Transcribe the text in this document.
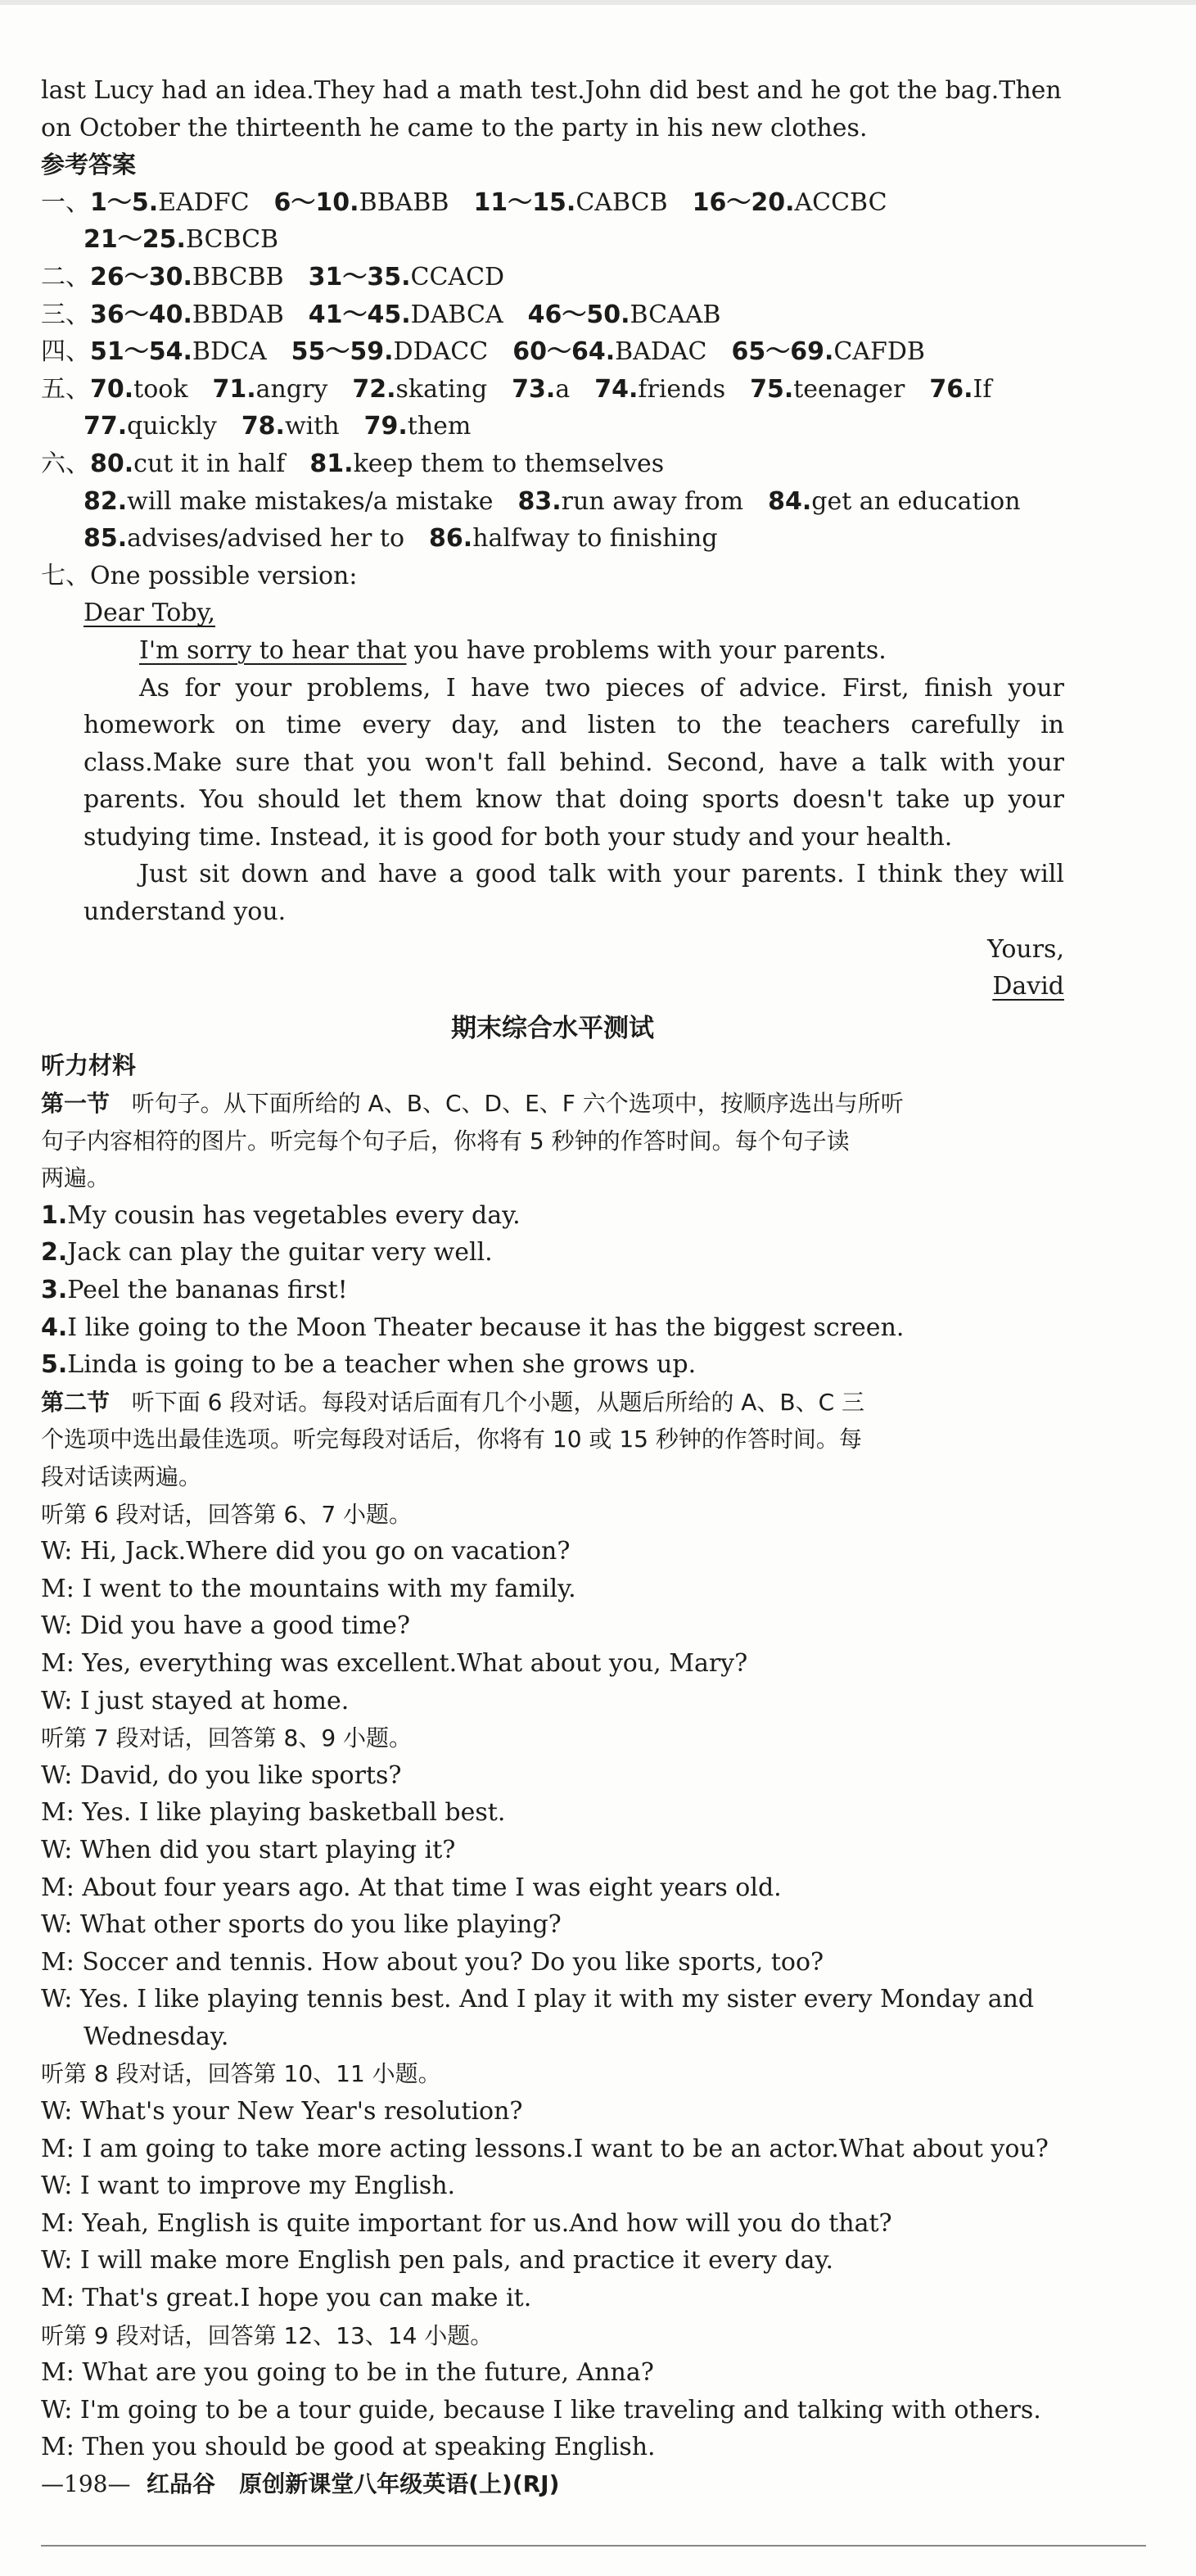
last Lucy had an idea.They had a math test.John did best and he got the bag.Then
on October the thirteenth he came to the party in his new clothes.
参考答案
一、1～5.EADFC 6～10.BBABB 11～15.CABCB 16～20.ACCBC
21～25.BCBCB
二、26～30.BBCBB 31～35.CCACD
三、36～40.BBDAB 41～45.DABCA 46～50.BCAAB
四、51～54.BDCA 55～59.DDACC 60～64.BADAC 65～69.CAFDB
五、70.took 71.angry 72.skating 73.a 74.friends 75.teenager 76.If
77.quickly 78.with 79.them
六、80.cut it in half 81.keep them to themselves
82.will make mistakes/a mistake 83.run away from 84.get an education
85.advises/advised her to 86.halfway to finishing
七、One possible version:
Dear Toby,
I'm sorry to hear that you have problems with your parents.
As for your problems, I have two pieces of advice. First, finish your homework on time every day, and listen to the teachers carefully in class.Make sure that you won't fall behind. Second, have a talk with your parents. You should let them know that doing sports doesn't take up your studying time. Instead, it is good for both your study and your health.
Just sit down and have a good talk with your parents. I think they will understand you.
Yours,
David
期末综合水平测试
听力材料
第一节 听句子。从下面所给的 A、B、C、D、E、F 六个选项中，按顺序选出与所听
句子内容相符的图片。听完每个句子后，你将有 5 秒钟的作答时间。每个句子读
两遍。
1.My cousin has vegetables every day.
2.Jack can play the guitar very well.
3.Peel the bananas first!
4.I like going to the Moon Theater because it has the biggest screen.
5.Linda is going to be a teacher when she grows up.
第二节 听下面 6 段对话。每段对话后面有几个小题，从题后所给的 A、B、C 三
个选项中选出最佳选项。听完每段对话后，你将有 10 或 15 秒钟的作答时间。每
段对话读两遍。
听第 6 段对话，回答第 6、7 小题。
W: Hi, Jack.Where did you go on vacation?
M: I went to the mountains with my family.
W: Did you have a good time?
M: Yes, everything was excellent.What about you, Mary?
W: I just stayed at home.
听第 7 段对话，回答第 8、9 小题。
W: David, do you like sports?
M: Yes. I like playing basketball best.
W: When did you start playing it?
M: About four years ago. At that time I was eight years old.
W: What other sports do you like playing?
M: Soccer and tennis. How about you? Do you like sports, too?
W: Yes. I like playing tennis best. And I play it with my sister every Monday and
Wednesday.
听第 8 段对话，回答第 10、11 小题。
W: What's your New Year's resolution?
M: I am going to take more acting lessons.I want to be an actor.What about you?
W: I want to improve my English.
M: Yeah, English is quite important for us.And how will you do that?
W: I will make more English pen pals, and practice it every day.
M: That's great.I hope you can make it.
听第 9 段对话，回答第 12、13、14 小题。
M: What are you going to be in the future, Anna?
W: I'm going to be a tour guide, because I like traveling and talking with others.
M: Then you should be good at speaking English.
—198— 红品谷 原创新课堂八年级英语(上)(RJ)
